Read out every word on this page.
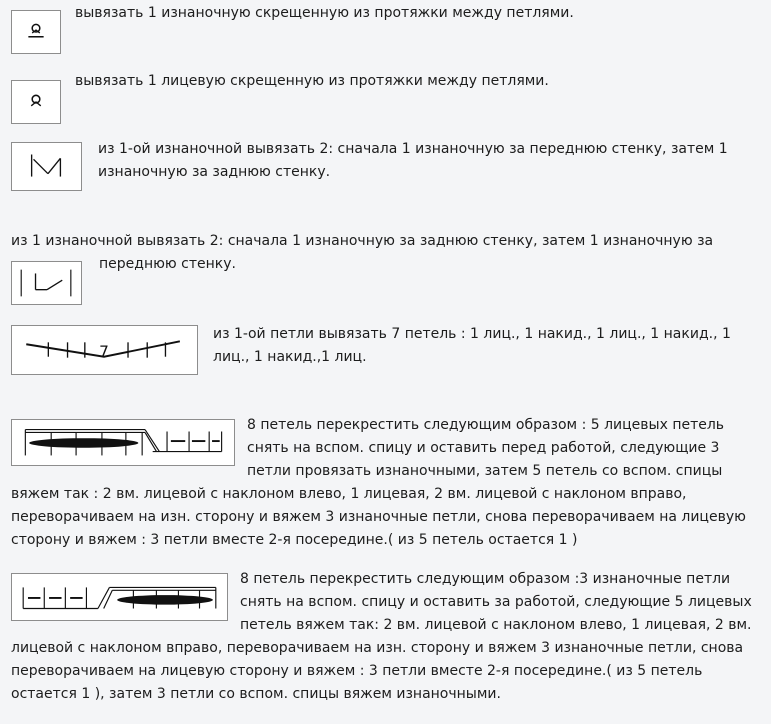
вывязать 1 изнаночную скрещенную из протяжки между петлями.

вывязать 1 лицевую скрещенную из протяжки между петлями.

из 1-ой изнаночной вывязать 2: сначала 1 изнаночную за переднюю стенку, затем 1
изнаночную за заднюю стенку.
из 1 изнаночной вывязать 2: сначала 1 изнаночную за заднюю стенку, затем 1 изнаночную за
переднюю стенку.
7
из 1-ой петли вывязать 7 петель : 1 лиц., 1 накид., 1 лиц., 1 накид., 1
лиц., 1 накид.,1 лиц.
8 петель перекрестить следующим образом : 5 лицевых петель
снять на вспом. спицу и оставить перед работой, следующие 3
петли провязать изнаночными, затем 5 петель со вспом. спицы
вяжем так : 2 вм. лицевой с наклоном влево, 1 лицевая, 2 вм. лицевой с наклоном вправо,
переворачиваем на изн. сторону и вяжем 3 изнаночные петли, снова переворачиваем на лицевую
сторону и вяжем : 3 петли вместе 2-я посередине.( из 5 петель остается 1 )
8 петель перекрестить следующим образом :3 изнаночные петли
снять на вспом. спицу и оставить за работой, следующие 5 лицевых
петель вяжем так: 2 вм. лицевой с наклоном влево, 1 лицевая, 2 вм.
лицевой с наклоном вправо, переворачиваем на изн. сторону и вяжем 3 изнаночные петли, снова
переворачиваем на лицевую сторону и вяжем : 3 петли вместе 2-я посередине.( из 5 петель
остается 1 ), затем 3 петли со вспом. спицы вяжем изнаночными.
